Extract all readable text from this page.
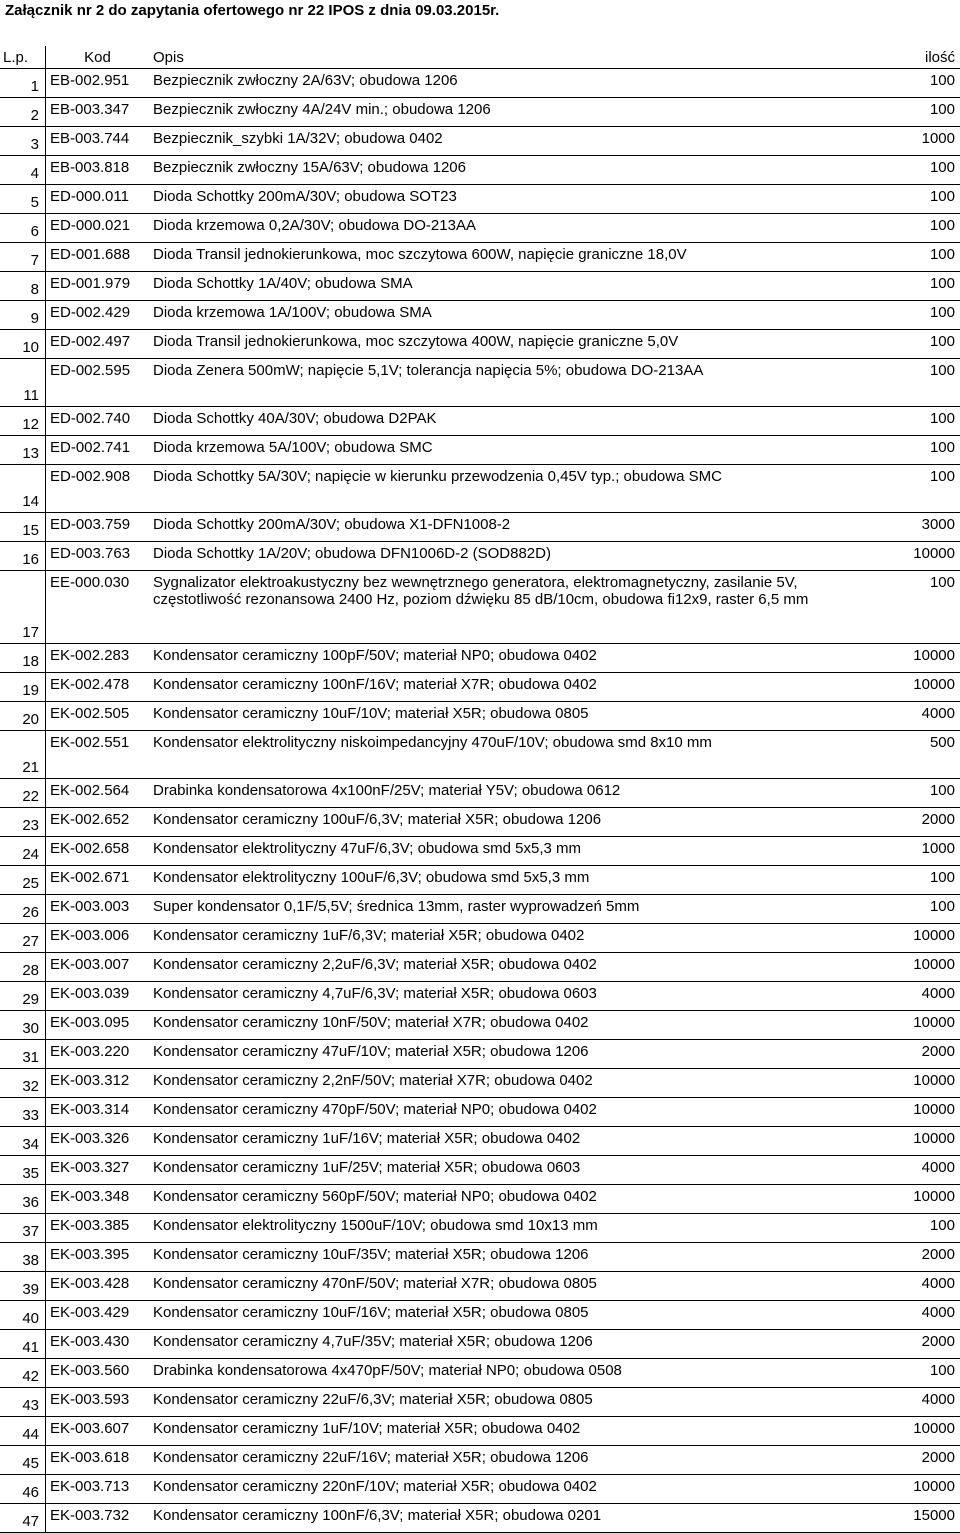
Załącznik nr 2 do zapytania ofertowego nr 22 IPOS z dnia 09.03.2015r.
L.p.	Kod	Opis	ilość
1	EB-002.951	Bezpiecznik zwłoczny 2A/63V; obudowa 1206	100
2	EB-003.347	Bezpiecznik zwłoczny 4A/24V min.; obudowa 1206	100
3	EB-003.744	Bezpiecznik_szybki 1A/32V; obudowa 0402	1000
4	EB-003.818	Bezpiecznik zwłoczny 15A/63V; obudowa 1206	100
5	ED-000.011	Dioda Schottky 200mA/30V; obudowa SOT23	100
6	ED-000.021	Dioda krzemowa 0,2A/30V; obudowa DO-213AA	100
7	ED-001.688	Dioda Transil jednokierunkowa, moc szczytowa 600W, napięcie graniczne 18,0V	100
8	ED-001.979	Dioda Schottky 1A/40V; obudowa SMA	100
9	ED-002.429	Dioda krzemowa 1A/100V; obudowa SMA	100
10	ED-002.497	Dioda Transil jednokierunkowa, moc szczytowa 400W, napięcie graniczne 5,0V	100
11	ED-002.595	Dioda Zenera 500mW; napięcie 5,1V; tolerancja napięcia 5%; obudowa DO-213AA	100
12	ED-002.740	Dioda Schottky 40A/30V; obudowa D2PAK	100
13	ED-002.741	Dioda krzemowa 5A/100V; obudowa SMC	100
14	ED-002.908	Dioda Schottky 5A/30V; napięcie w kierunku przewodzenia 0,45V typ.; obudowa SMC	100
15	ED-003.759	Dioda Schottky 200mA/30V; obudowa X1-DFN1008-2	3000
16	ED-003.763	Dioda Schottky 1A/20V; obudowa DFN1006D-2 (SOD882D)	10000
17	EE-000.030	Sygnalizator elektroakustyczny bez wewnętrznego generatora, elektromagnetyczny, zasilanie 5V, częstotliwość rezonansowa 2400 Hz, poziom dźwięku 85 dB/10cm, obudowa fi12x9, raster 6,5 mm	100
18	EK-002.283	Kondensator ceramiczny 100pF/50V; materiał NP0; obudowa 0402	10000
19	EK-002.478	Kondensator ceramiczny 100nF/16V; materiał X7R; obudowa 0402	10000
20	EK-002.505	Kondensator ceramiczny 10uF/10V; materiał X5R; obudowa 0805	4000
21	EK-002.551	Kondensator elektrolityczny niskoimpedancyjny 470uF/10V; obudowa smd 8x10 mm	500
22	EK-002.564	Drabinka kondensatorowa 4x100nF/25V; materiał Y5V; obudowa 0612	100
23	EK-002.652	Kondensator ceramiczny 100uF/6,3V; materiał X5R; obudowa 1206	2000
24	EK-002.658	Kondensator elektrolityczny 47uF/6,3V; obudowa smd 5x5,3 mm	1000
25	EK-002.671	Kondensator elektrolityczny 100uF/6,3V; obudowa smd 5x5,3 mm	100
26	EK-003.003	Super kondensator 0,1F/5,5V; średnica 13mm, raster wyprowadzeń 5mm	100
27	EK-003.006	Kondensator ceramiczny 1uF/6,3V; materiał X5R; obudowa 0402	10000
28	EK-003.007	Kondensator ceramiczny 2,2uF/6,3V; materiał X5R; obudowa 0402	10000
29	EK-003.039	Kondensator ceramiczny 4,7uF/6,3V; materiał X5R; obudowa 0603	4000
30	EK-003.095	Kondensator ceramiczny 10nF/50V; materiał X7R; obudowa 0402	10000
31	EK-003.220	Kondensator ceramiczny 47uF/10V; materiał X5R; obudowa 1206	2000
32	EK-003.312	Kondensator ceramiczny 2,2nF/50V; materiał X7R; obudowa 0402	10000
33	EK-003.314	Kondensator ceramiczny 470pF/50V; materiał NP0; obudowa 0402	10000
34	EK-003.326	Kondensator ceramiczny 1uF/16V; materiał X5R; obudowa 0402	10000
35	EK-003.327	Kondensator ceramiczny 1uF/25V; materiał X5R; obudowa 0603	4000
36	EK-003.348	Kondensator ceramiczny 560pF/50V; materiał NP0; obudowa 0402	10000
37	EK-003.385	Kondensator elektrolityczny 1500uF/10V; obudowa smd 10x13 mm	100
38	EK-003.395	Kondensator ceramiczny 10uF/35V; materiał X5R; obudowa 1206	2000
39	EK-003.428	Kondensator ceramiczny 470nF/50V; materiał X7R; obudowa 0805	4000
40	EK-003.429	Kondensator ceramiczny 10uF/16V; materiał X5R; obudowa 0805	4000
41	EK-003.430	Kondensator ceramiczny 4,7uF/35V; materiał X5R; obudowa 1206	2000
42	EK-003.560	Drabinka kondensatorowa 4x470pF/50V; materiał NP0; obudowa 0508	100
43	EK-003.593	Kondensator ceramiczny 22uF/6,3V; materiał X5R; obudowa 0805	4000
44	EK-003.607	Kondensator ceramiczny 1uF/10V; materiał X5R; obudowa 0402	10000
45	EK-003.618	Kondensator ceramiczny 22uF/16V; materiał X5R; obudowa 1206	2000
46	EK-003.713	Kondensator ceramiczny 220nF/10V; materiał X5R; obudowa 0402	10000
47	EK-003.732	Kondensator ceramiczny 100nF/6,3V; materiał X5R; obudowa 0201	15000
